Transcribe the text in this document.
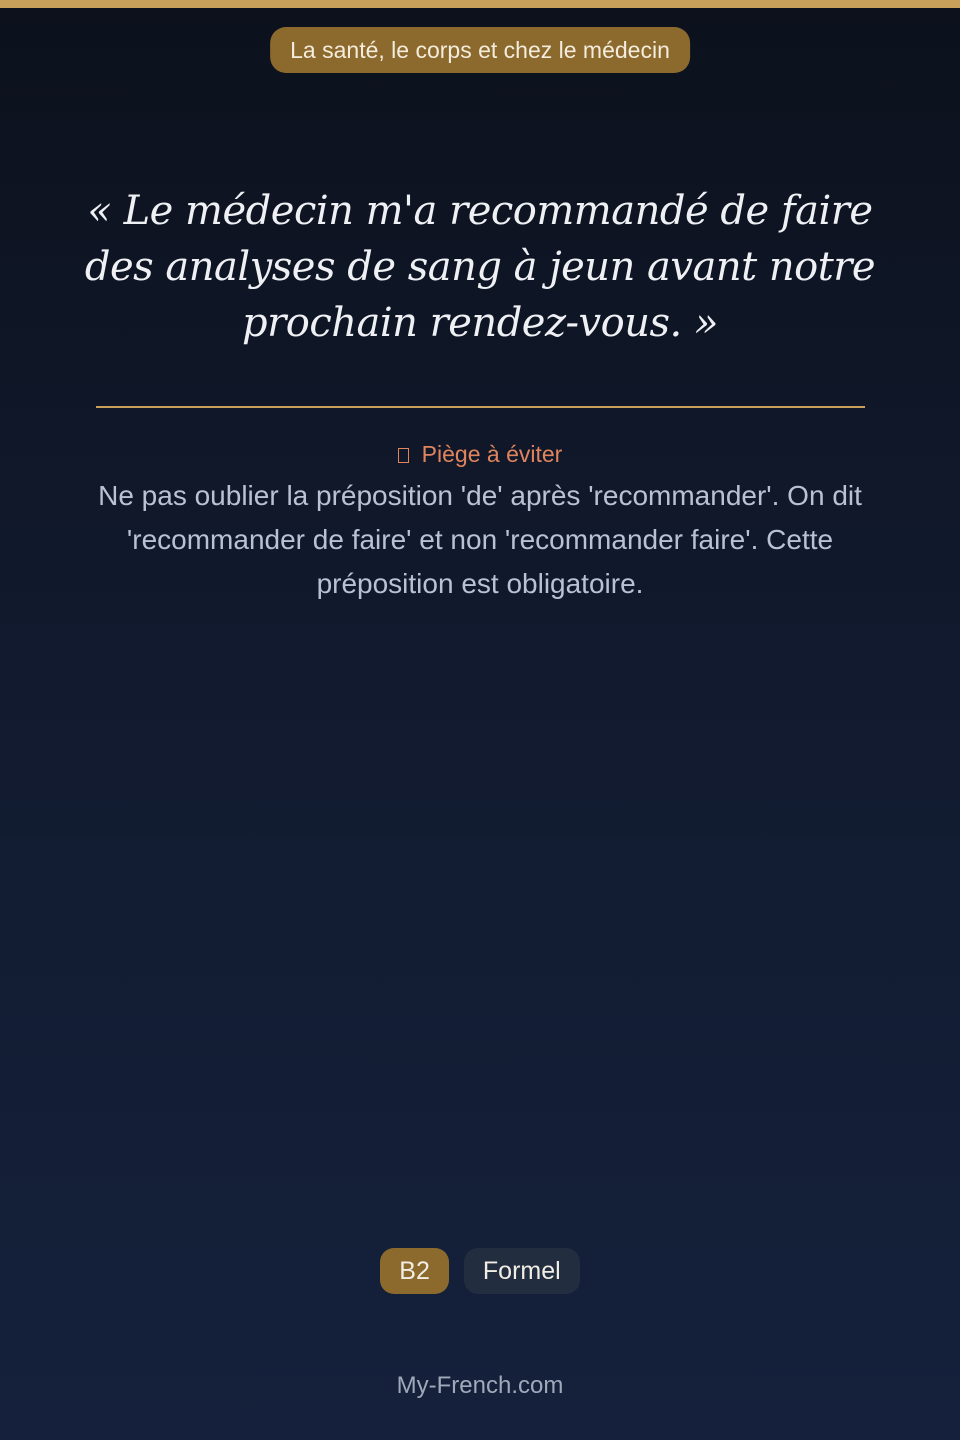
La santé, le corps et chez le médecin

« Le médecin m'a recommandé de faire des analyses de sang à jeun avant notre prochain rendez-vous. »

Piège à éviter

Ne pas oublier la préposition 'de' après 'recommander'. On dit 'recommander de faire' et non 'recommander faire'. Cette préposition est obligatoire.

B2	Formel
My-French.com
